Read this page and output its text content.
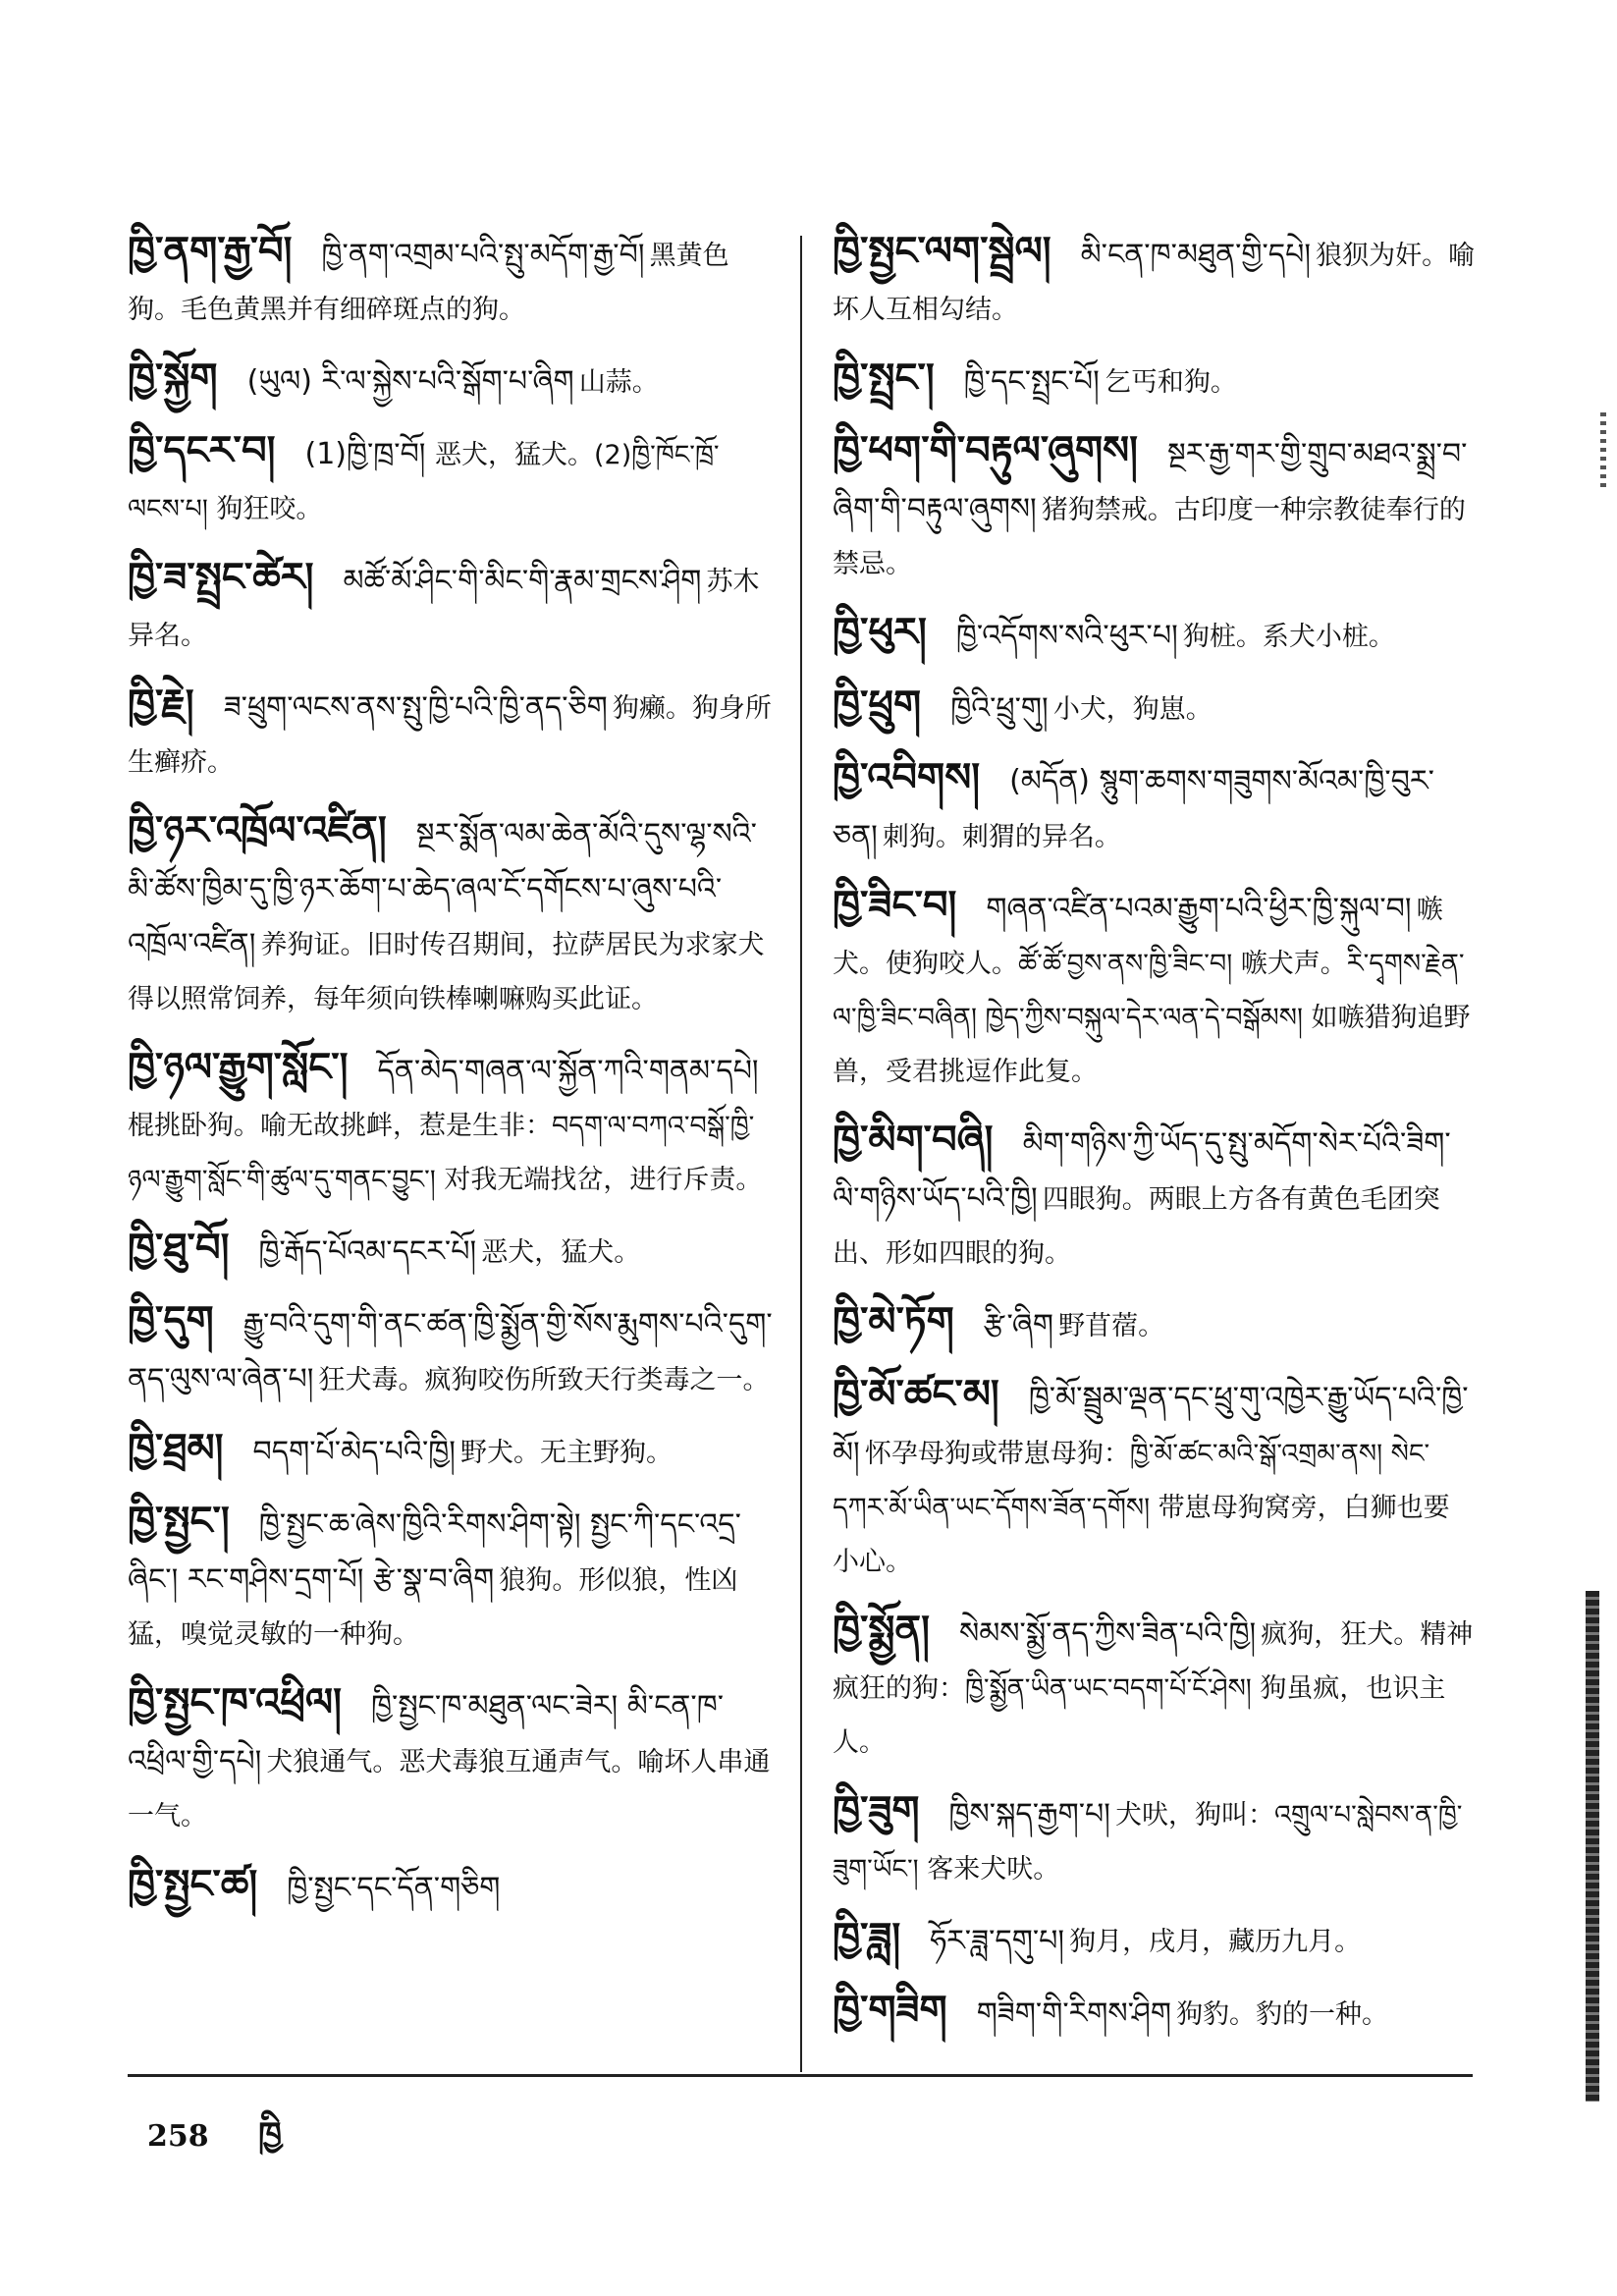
ཁྱི་ནག་རྒྱ་བོ། ཁྱི་ནག་འགྲམ་པའི་སྤུ་མདོག་རྒྱ་བོ། 黑黄色狗。毛色黄黑并有细碎斑点的狗。
ཁྱི་སྐྱོག (ཡུལ) རི་ལ་སྐྱེས་པའི་སྒོག་པ་ཞིག 山蒜。
ཁྱི་དངར་བ། (1)ཁྱི་ཁྲ་བོ། 恶犬，猛犬。(2)ཁྱི་ཁོང་ཁྲོ་ལངས་པ། 狗狂咬。
ཁྱི་ཟ་སྤྲང་ཚེར། མཚོ་མོ་ཤིང་གི་མིང་གི་རྣམ་གྲངས་ཤིག 苏木异名。
ཁྱི་རྗེ། ཟ་ཕྲུག་ལངས་ནས་སྤུ་ཁྱི་པའི་ཁྱི་ནད་ཅིག 狗癞。狗身所生癣疥。
ཁྱི་ཉར་འཁྲོལ་འཛིན། སྔར་སྨོན་ལམ་ཆེན་མོའི་དུས་ལྷ་སའི་མི་ཚོས་ཁྱིམ་དུ་ཁྱི་ཉར་ཆོག་པ་ཆེད་ཞལ་ངོ་དགོངས་པ་ཞུས་པའི་འཁྲོལ་འཛིན། 养狗证。旧时传召期间，拉萨居民为求家犬得以照常饲养，每年须向铁棒喇嘛购买此证。
ཁྱི་ཉལ་རྒྱུག་སློང་། དོན་མེད་གཞན་ལ་སྐྱོན་ཀའི་གནམ་དཔེ། 棍挑卧狗。喻无故挑衅，惹是生非：བདག་ལ་བཀའ་བསྒོ་ཁྱི་ཉལ་རྒྱུག་སློང་གི་ཚུལ་དུ་གནང་བྱུང་། 对我无端找岔，进行斥责。
ཁྱི་ཐུ་བོ། ཁྱི་རྒོད་པོའམ་དངར་པོ། 恶犬，猛犬。
ཁྱི་དུག རྒྱུ་བའི་དུག་གི་ནང་ཚན་ཁྱི་སྨྱོན་གྱི་སོས་རྨུགས་པའི་དུག་ནད་ལུས་ལ་ཞེན་པ། 狂犬毒。疯狗咬伤所致天行类毒之一。
ཁྱི་ཐྲམ། བདག་པོ་མེད་པའི་ཁྱི། 野犬。无主野狗。
ཁྱི་སྤྱང་། ཁྱི་སྤྱང་ཆ་ཞེས་ཁྱིའི་རིགས་ཤིག་སྟེ། སྤྱང་ཀི་དང་འདྲ་ཞིང་། རང་གཤིས་དྲག་པོ། རྩེ་སྣ་བ་ཞིག 狼狗。形似狼，性凶猛，嗅觉灵敏的一种狗。
ཁྱི་སྤྱང་ཁ་འཕྲིལ། ཁྱི་སྤྱང་ཁ་མཐུན་ལང་ཟེར། མི་ངན་ཁ་འཕྲིལ་གྱི་དཔེ། 犬狼通气。恶犬毒狼互通声气。喻坏人串通一气。
ཁྱི་སྤྱང་ཚ། ཁྱི་སྤྱང་དང་དོན་གཅིག
ཁྱི་སྤྱང་ལག་སྦྲེལ། མི་ངན་ཁ་མཐུན་གྱི་དཔེ། 狼狈为奸。喻坏人互相勾结。
ཁྱི་སྤྲང་། ཁྱི་དང་སྤྲང་པོ། 乞丐和狗。
ཁྱི་ཕག་གི་བརྟུལ་ཞུགས། སྔར་རྒྱ་གར་གྱི་གྲུབ་མཐའ་སྨྲ་བ་ཞིག་གི་བརྟུལ་ཞུགས། 猪狗禁戒。古印度一种宗教徒奉行的禁忌。
ཁྱི་ཕུར། ཁྱི་འདོགས་སའི་ཕུར་པ། 狗桩。系犬小桩。
ཁྱི་ཕྲུག ཁྱིའི་ཕྲུ་གུ། 小犬，狗崽。
ཁྱི་འབིགས། (མདོན) སྙུག་ཆགས་གཟུགས་མོའམ་ཁྱི་བུར་ཅན། 刺狗。刺猬的异名。
ཁྱི་ཟིང་བ། གཞན་འཛིན་པའམ་རྒྱུག་པའི་ཕྱིར་ཁྱི་སྐུལ་བ། 嗾犬。使狗咬人。ཚོ་ཚོ་བྱས་ནས་ཁྱི་ཟིང་བ། 嗾犬声。རི་དྭགས་རྗེན་ལ་ཁྱི་ཟིང་བཞིན། ཁྱེད་ཀྱིས་བསྐུལ་དེར་ལན་དེ་བསྒོམས། 如嗾猎狗追野兽，受君挑逗作此复。
ཁྱི་མིག་བཞི། མིག་གཉིས་ཀྱི་ཡོད་དུ་སྤུ་མདོག་སེར་པོའི་ཟིག་ལི་གཉིས་ཡོད་པའི་ཁྱི། 四眼狗。两眼上方各有黄色毛团突出、形如四眼的狗。
ཁྱི་མེ་ཏོག རྩི་ཞིག 野苜蓿。
ཁྱི་མོ་ཚང་མ། ཁྱི་མོ་སྦྲུམ་ལྡན་དང་ཕྲུ་གུ་འཁྱེར་རྒྱུ་ཡོད་པའི་ཁྱི་མོ། 怀孕母狗或带崽母狗：ཁྱི་མོ་ཚང་མའི་སྒོ་འགྲམ་ནས། སེང་དཀར་མོ་ཡིན་ཡང་དོགས་ཟོན་དགོས། 带崽母狗窝旁，白狮也要小心。
ཁྱི་སྨྱོན། སེམས་སྨྱོ་ནད་ཀྱིས་ཟིན་པའི་ཁྱི། 疯狗，狂犬。精神疯狂的狗：ཁྱི་སྨྱོན་ཡིན་ཡང་བདག་པོ་ངོ་ཤེས། 狗虽疯，也识主人。
ཁྱི་ཟུག ཁྱིས་སྐད་རྒྱག་པ། 犬吠，狗叫：འགྲུལ་པ་སླེབས་ན་ཁྱི་ཟུག་ཡོང་། 客来犬吠。
ཁྱི་ཟླ། ཧོར་ཟླ་དགུ་པ། 狗月，戌月，藏历九月。
ཁྱི་གཟིག གཟིག་གི་རིགས་ཤིག 狗豹。豹的一种。
258 ཁྱི
